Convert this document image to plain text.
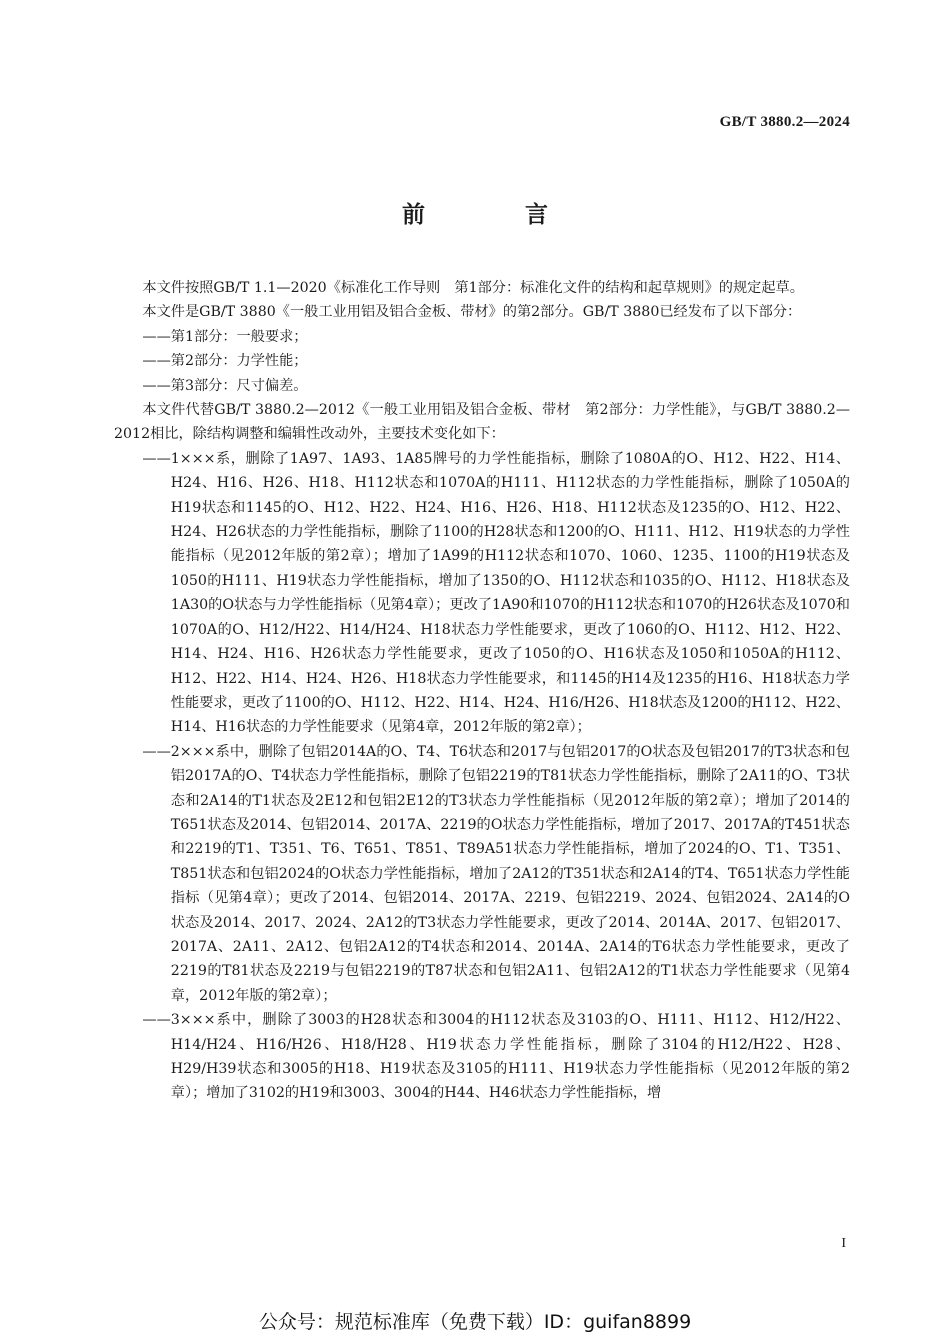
GB/T 3880.2—2024
前 言

本文件按照GB/T 1.1—2020《标准化工作导则　第1部分：标准化文件的结构和起草规则》的规定起草。

本文件是GB/T 3880《一般工业用铝及铝合金板、带材》的第2部分。GB/T 3880已经发布了以下部分：

——第1部分：一般要求；

——第2部分：力学性能；

——第3部分：尺寸偏差。

本文件代替GB/T 3880.2—2012《一般工业用铝及铝合金板、带材　第2部分：力学性能》，与GB/T 3880.2—2012相比，除结构调整和编辑性改动外，主要技术变化如下：

——1×××系，删除了1A97、1A93、1A85牌号的力学性能指标，删除了1080A的O、H12、H22、H14、H24、H16、H26、H18、H112状态和1070A的H111、H112状态的力学性能指标，删除了1050A的H19状态和1145的O、H12、H22、H24、H16、H26、H18、H112状态及1235的O、H12、H22、H24、H26状态的力学性能指标，删除了1100的H28状态和1200的O、H111、H12、H19状态的力学性能指标（见2012年版的第2章）；增加了1A99的H112状态和1070、1060、1235、1100的H19状态及1050的H111、H19状态力学性能指标，增加了1350的O、H112状态和1035的O、H112、H18状态及1A30的O状态与力学性能指标（见第4章）；更改了1A90和1070的H112状态和1070的H26状态及1070和1070A的O、H12/H22、H14/H24、H18状态力学性能要求，更改了1060的O、H112、H12、H22、H14、H24、H16、H26状态力学性能要求，更改了1050的O、H16状态及1050和1050A的H112、H12、H22、H14、H24、H26、H18状态力学性能要求，和1145的H14及1235的H16、H18状态力学性能要求，更改了1100的O、H112、H22、H14、H24、H16/H26、H18状态及1200的H112、H22、H14、H16状态的力学性能要求（见第4章，2012年版的第2章）；

——2×××系中，删除了包铝2014A的O、T4、T6状态和2017与包铝2017的O状态及包铝2017的T3状态和包铝2017A的O、T4状态力学性能指标，删除了包铝2219的T81状态力学性能指标，删除了2A11的O、T3状态和2A14的T1状态及2E12和包铝2E12的T3状态力学性能指标（见2012年版的第2章）；增加了2014的T651状态及2014、包铝2014、2017A、2219的O状态力学性能指标，增加了2017、2017A的T451状态和2219的T1、T351、T6、T651、T851、T89A51状态力学性能指标，增加了2024的O、T1、T351、T851状态和包铝2024的O状态力学性能指标，增加了2A12的T351状态和2A14的T4、T651状态力学性能指标（见第4章）；更改了2014、包铝2014、2017A、2219、包铝2219、2024、包铝2024、2A14的O状态及2014、2017、2024、2A12的T3状态力学性能要求，更改了2014、2014A、2017、包铝2017、2017A、2A11、2A12、包铝2A12的T4状态和2014、2014A、2A14的T6状态力学性能要求，更改了2219的T81状态及2219与包铝2219的T87状态和包铝2A11、包铝2A12的T1状态力学性能要求（见第4章，2012年版的第2章）；

——3×××系中，删除了3003的H28状态和3004的H112状态及3103的O、H111、H112、H12/H22、H14/H24、H16/H26、H18/H28、H19状态力学性能指标，删除了3104的H12/H22、H28、H29/H39状态和3005的H18、H19状态及3105的H111、H19状态力学性能指标（见2012年版的第2章）；增加了3102的H19和3003、3004的H44、H46状态力学性能指标，增

I
公众号：规范标准库（免费下载）ID：guifan8899
